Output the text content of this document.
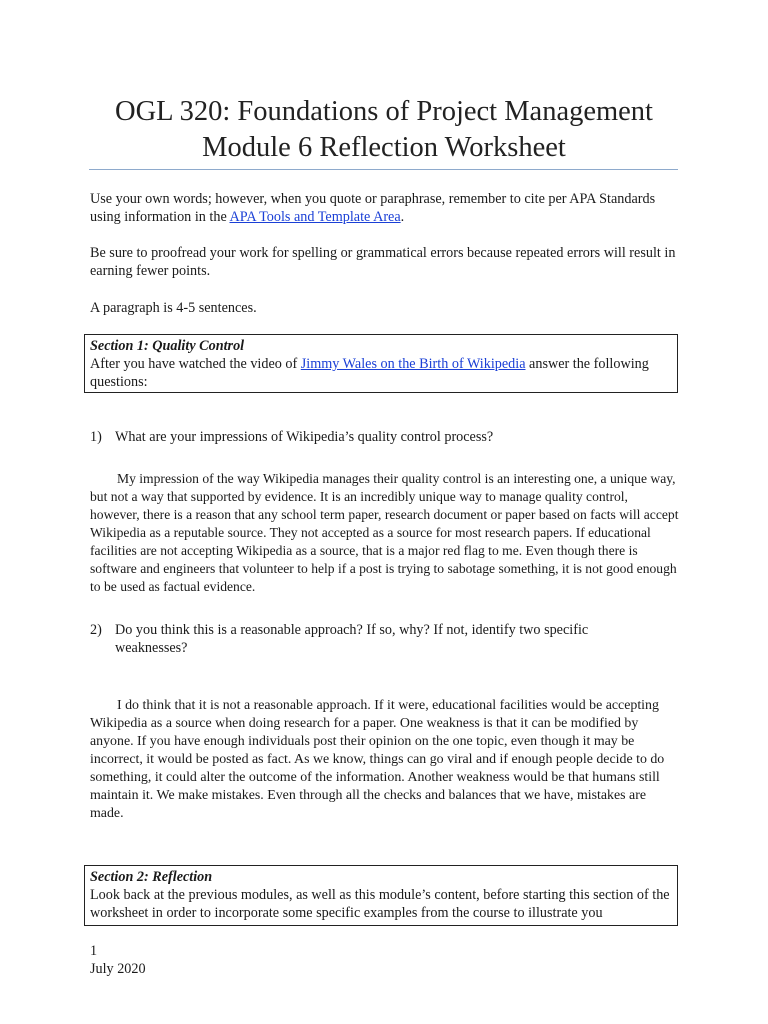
OGL 320: Foundations of Project Management
Module 6 Reflection Worksheet
Use your own words; however, when you quote or paraphrase, remember to cite per APA Standards using information in the APA Tools and Template Area.
Be sure to proofread your work for spelling or grammatical errors because repeated errors will result in earning fewer points.
A paragraph is 4-5 sentences.
Section 1: Quality Control
After you have watched the video of Jimmy Wales on the Birth of Wikipedia answer the following questions:
1) What are your impressions of Wikipedia’s quality control process?
My impression of the way Wikipedia manages their quality control is an interesting one, a unique way, but not a way that supported by evidence. It is an incredibly unique way to manage quality control, however, there is a reason that any school term paper, research document or paper based on facts will accept Wikipedia as a reputable source. They not accepted as a source for most research papers. If educational facilities are not accepting Wikipedia as a source, that is a major red flag to me. Even though there is software and engineers that volunteer to help if a post is trying to sabotage something, it is not good enough to be used as factual evidence.
2) Do you think this is a reasonable approach? If so, why? If not, identify two specific weaknesses?
I do think that it is not a reasonable approach. If it were, educational facilities would be accepting Wikipedia as a source when doing research for a paper. One weakness is that it can be modified by anyone. If you have enough individuals post their opinion on the one topic, even though it may be incorrect, it would be posted as fact. As we know, things can go viral and if enough people decide to do something, it could alter the outcome of the information. Another weakness would be that humans still maintain it. We make mistakes. Even through all the checks and balances that we have, mistakes are made.
Section 2: Reflection
Look back at the previous modules, as well as this module’s content, before starting this section of the worksheet in order to incorporate some specific examples from the course to illustrate you
1
July 2020
